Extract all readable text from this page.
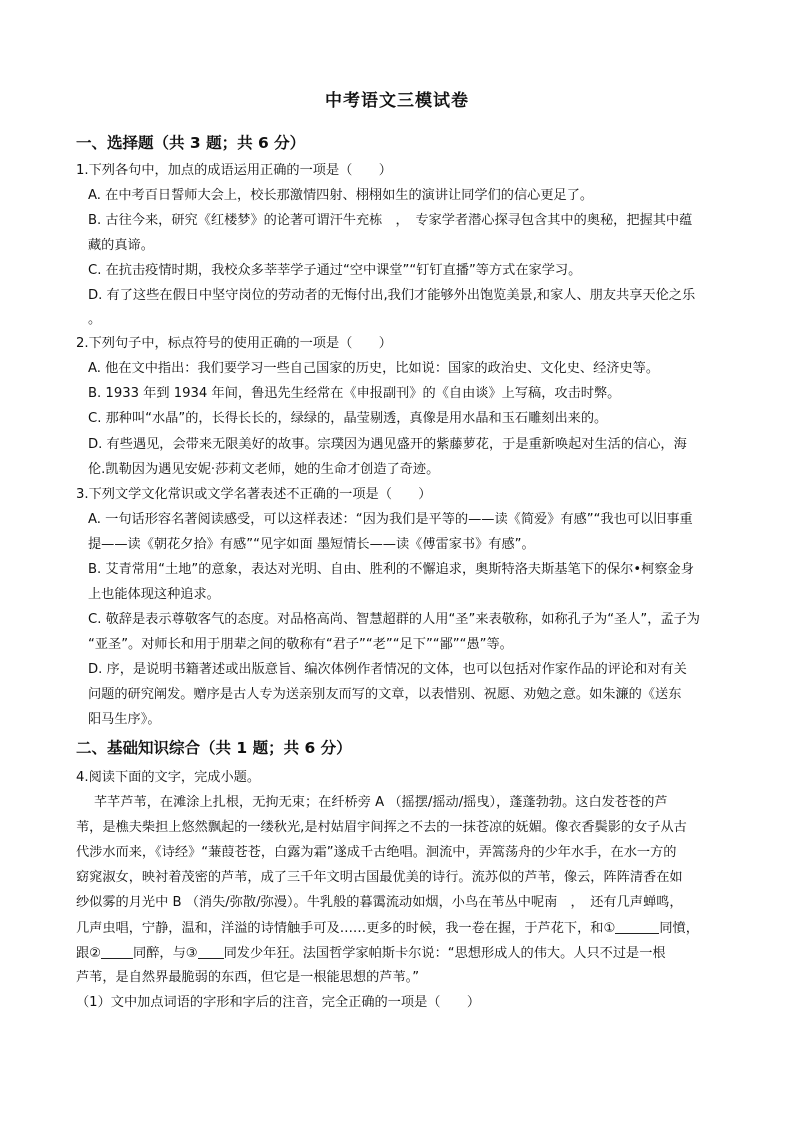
中考语文三模试卷
一、选择题（共 3 题；共 6 分）
1.下列各句中，加点的成语运用正确的一项是（　　）
A. 在中考百日誓师大会上，校长那激情四射、栩栩如生的演讲让同学们的信心更足了。
B. 古往今来，研究《红楼梦》的论著可谓汗牛充栋　，　专家学者潜心探寻包含其中的奥秘，把握其中蕴
藏的真谛。
C. 在抗击疫情时期，我校众多莘莘学子通过“空中课堂”“钉钉直播”等方式在家学习。
D. 有了这些在假日中坚守岗位的劳动者的无悔付出,我们才能够外出饱览美景,和家人、朋友共享天伦之乐
。
2.下列句子中，标点符号的使用正确的一项是（　　）
A. 他在文中指出：我们要学习一些自己国家的历史，比如说：国家的政治史、文化史、经济史等。
B. 1933 年到 1934 年间，鲁迅先生经常在《申报副刊》的《自由谈》上写稿，攻击时弊。
C. 那种叫“水晶”的，长得长长的，绿绿的，晶莹剔透，真像是用水晶和玉石雕刻出来的。
D. 有些遇见，会带来无限美好的故事。宗璞因为遇见盛开的紫藤萝花，于是重新唤起对生活的信心，海
伦.凯勒因为遇见安妮·莎莉文老师，她的生命才创造了奇迹。
3.下列文学文化常识或文学名著表述不正确的一项是（　　）
A. 一句话形容名著阅读感受，可以这样表述：“因为我们是平等的——读《简爱》有感”“我也可以旧事重
提——读《朝花夕拾》有感”“见字如面 墨短情长——读《傅雷家书》有感”。
B. 艾青常用“土地”的意象，表达对光明、自由、胜利的不懈追求，奥斯特洛夫斯基笔下的保尔•柯察金身
上也能体现这种追求。
C. 敬辞是表示尊敬客气的态度。对品格高尚、智慧超群的人用“圣”来表敬称，如称孔子为“圣人”，孟子为
“亚圣”。对师长和用于朋辈之间的敬称有“君子”“老”“足下”“鄙”“愚”等。
D. 序，是说明书籍著述或出版意旨、编次体例作者情况的文体，也可以包括对作家作品的评论和对有关
问题的研究阐发。赠序是古人专为送亲别友而写的文章，以表惜别、祝愿、劝勉之意。如朱濂的《送东
阳马生序》。
二、基础知识综合（共 1 题；共 6 分）
4.阅读下面的文字，完成小题。
芊芊芦苇，在滩涂上扎根，无拘无束；在纤桥旁 A （摇摆/摇动/摇曳），蓬蓬勃勃。这白发苍苍的芦
苇，是樵夫柴担上悠然飘起的一缕秋光,是村姑眉宇间挥之不去的一抹苍凉的妩媚。像衣香鬓影的女子从古
代涉水而来，《诗经》“蒹葭苍苍，白露为霜”遂成千古绝唱。洄流中，弄篙荡舟的少年水手，在水一方的
窈窕淑女，映衬着茂密的芦苇，成了三千年文明古国最优美的诗行。流苏似的芦苇，像云，阵阵清香在如
纱似雾的月光中 B （消失/弥散/弥漫）。牛乳般的暮霭流动如烟，小鸟在苇丛中呢南　，　还有几声蝉鸣，
几声虫唱，宁静，温和，洋溢的诗情触手可及……更多的时候，我一卷在握，于芦花下，和①	同憤，
跟② 同醉，与③ 同发少年狂。法国哲学家帕斯卡尔说：“思想形成人的伟大。人只不过是一根
芦苇，是自然界最脆弱的东西，但它是一根能思想的芦苇。”
（1）文中加点词语的字形和字后的注音，完全正确的一项是（　　）
